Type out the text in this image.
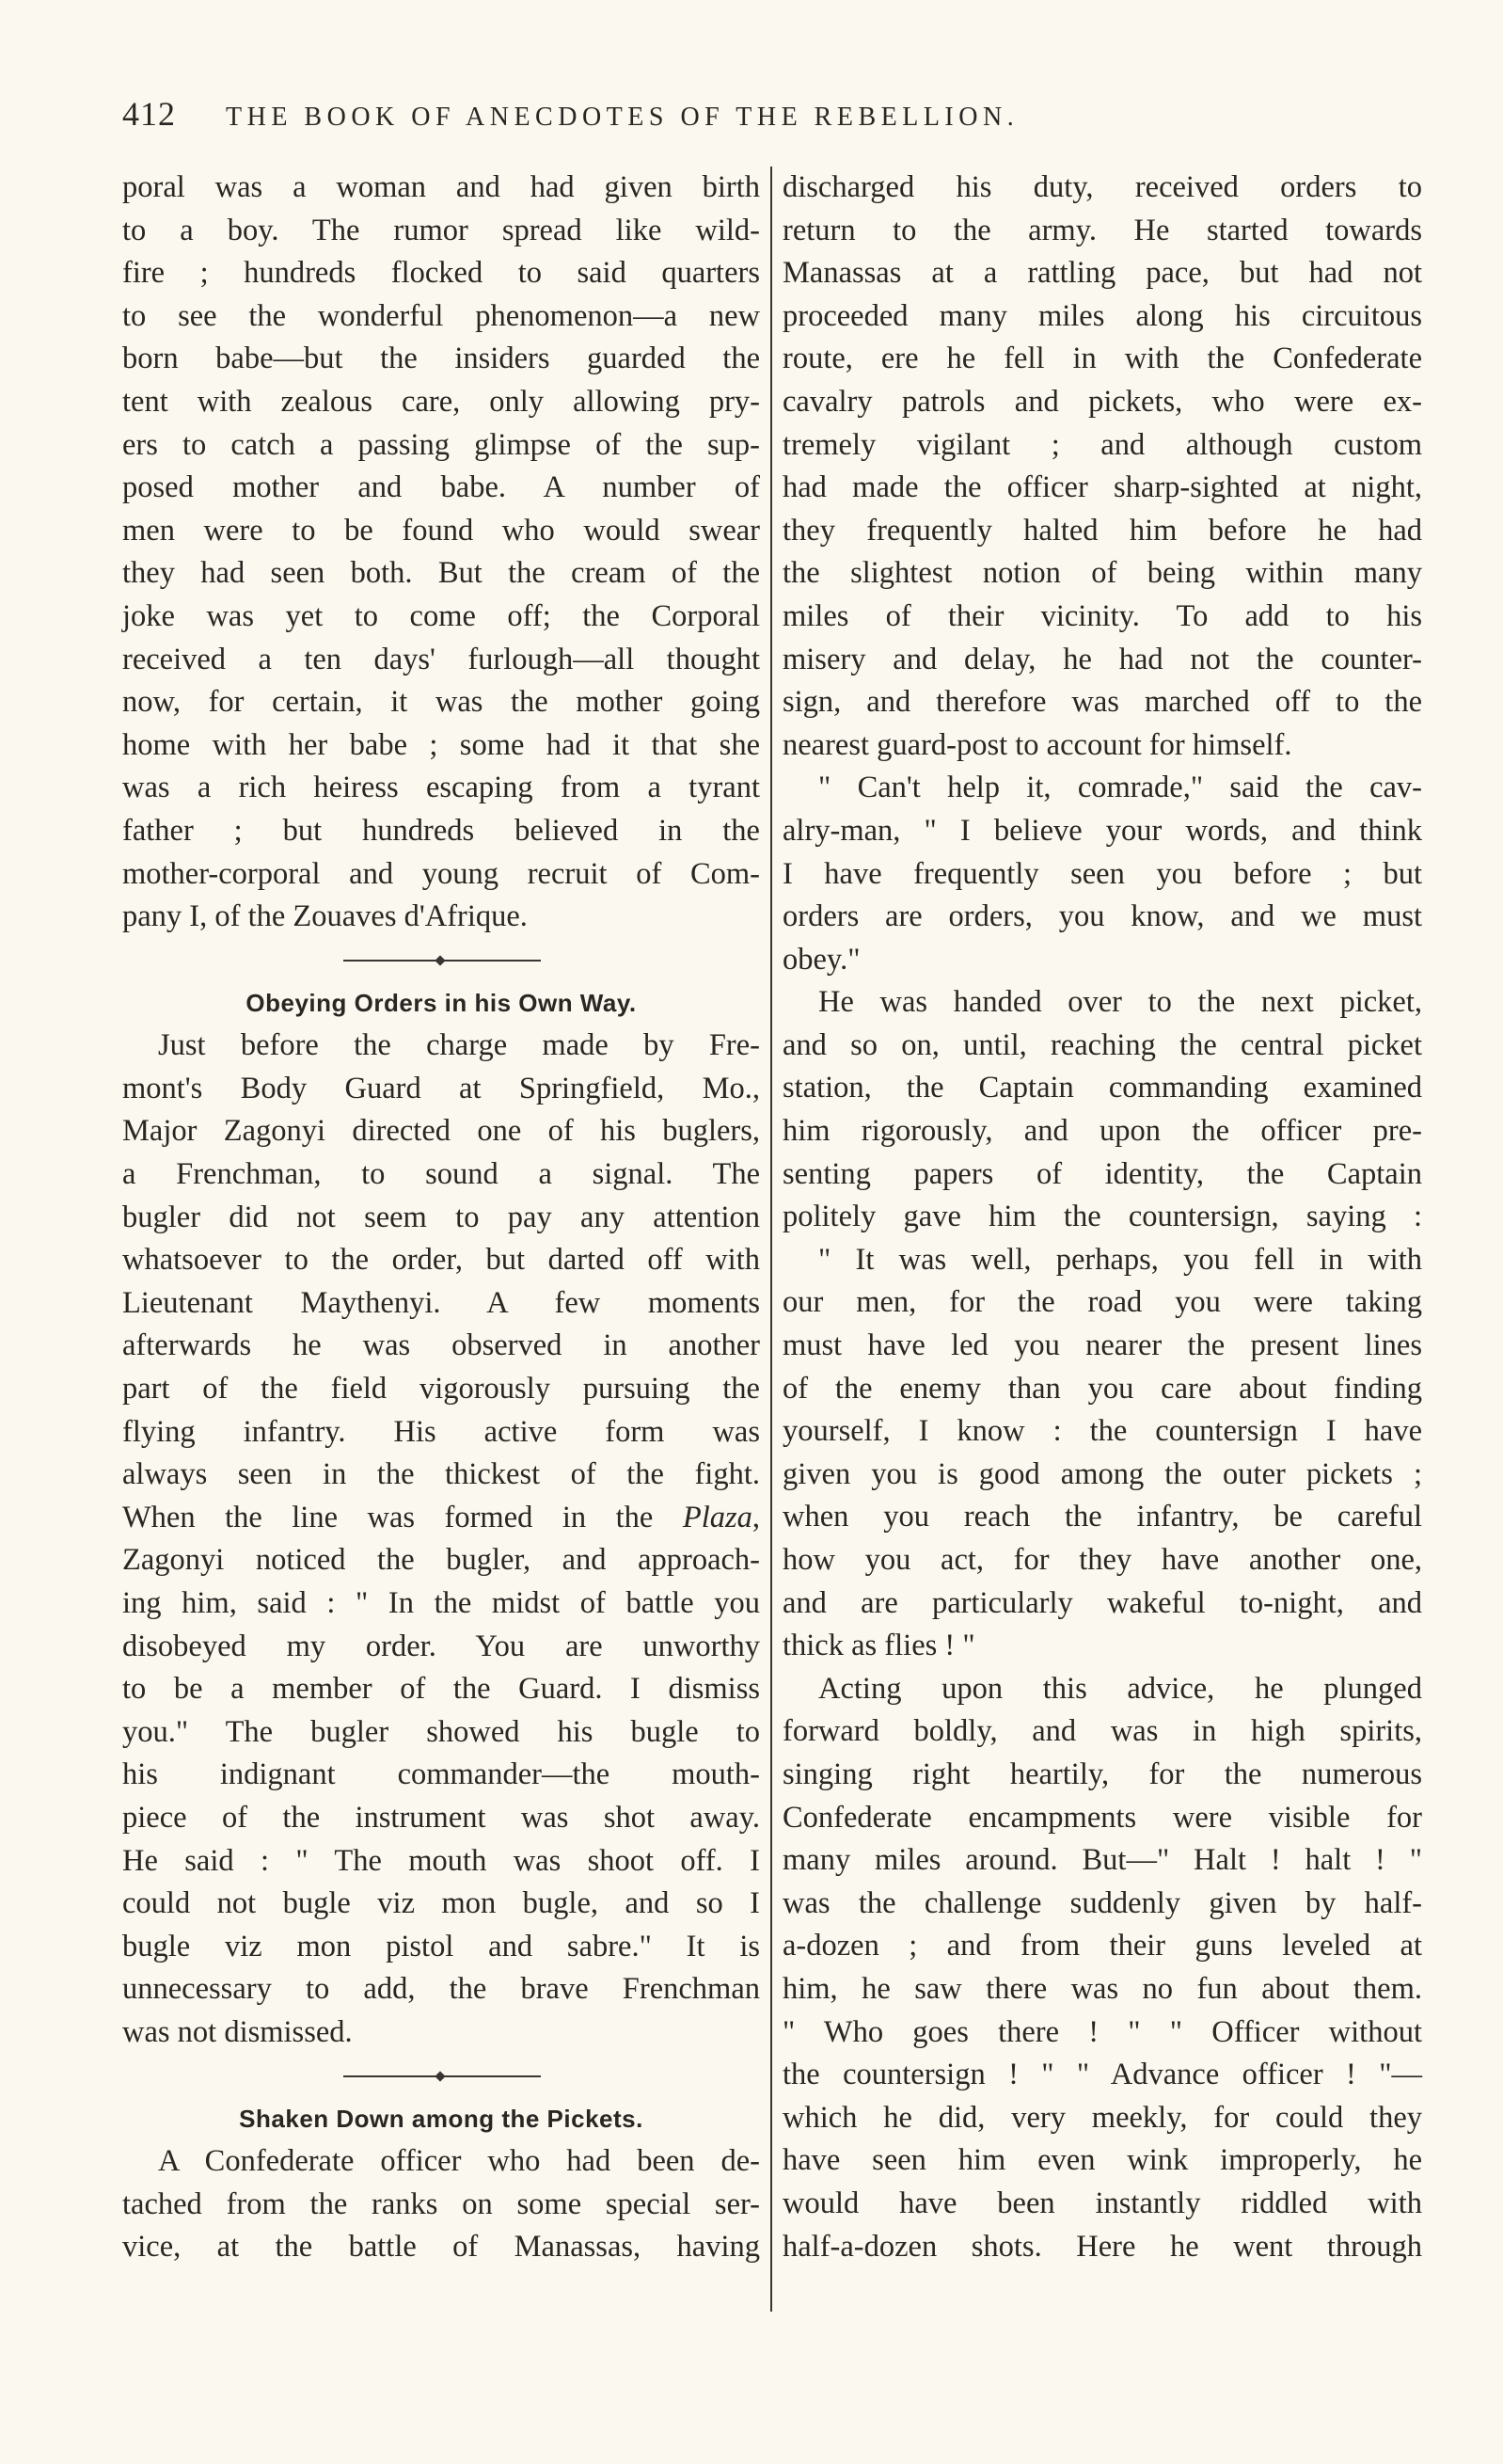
412	THE BOOK OF ANECDOTES OF THE REBELLION.
poral was a woman and had given birth
to a boy. The rumor spread like wild-
fire ; hundreds flocked to said quarters
to see the wonderful phenomenon—a new
born babe—but the insiders guarded the
tent with zealous care, only allowing pry-
ers to catch a passing glimpse of the sup-
posed mother and babe. A number of
men were to be found who would swear
they had seen both. But the cream of the
joke was yet to come off; the Corporal
received a ten days' furlough—all thought
now, for certain, it was the mother going
home with her babe ; some had it that she
was a rich heiress escaping from a tyrant
father ; but hundreds believed in the
mother-corporal and young recruit of Com-
pany I, of the Zouaves d'Afrique.
Obeying Orders in his Own Way.
Just before the charge made by Fre-
mont's Body Guard at Springfield, Mo.,
Major Zagonyi directed one of his buglers,
a Frenchman, to sound a signal. The
bugler did not seem to pay any attention
whatsoever to the order, but darted off with
Lieutenant Maythenyi. A few moments
afterwards he was observed in another
part of the field vigorously pursuing the
flying infantry. His active form was
always seen in the thickest of the fight.
When the line was formed in the Plaza,
Zagonyi noticed the bugler, and approach-
ing him, said : " In the midst of battle you
disobeyed my order. You are unworthy
to be a member of the Guard. I dismiss
you." The bugler showed his bugle to
his indignant commander—the mouth-
piece of the instrument was shot away.
He said : " The mouth was shoot off. I
could not bugle viz mon bugle, and so I
bugle viz mon pistol and sabre." It is
unnecessary to add, the brave Frenchman
was not dismissed.
Shaken Down among the Pickets.
A Confederate officer who had been de-
tached from the ranks on some special ser-
vice, at the battle of Manassas, having
discharged his duty, received orders to
return to the army. He started towards
Manassas at a rattling pace, but had not
proceeded many miles along his circuitous
route, ere he fell in with the Confederate
cavalry patrols and pickets, who were ex-
tremely vigilant ; and although custom
had made the officer sharp-sighted at night,
they frequently halted him before he had
the slightest notion of being within many
miles of their vicinity. To add to his
misery and delay, he had not the counter-
sign, and therefore was marched off to the
nearest guard-post to account for himself.
" Can't help it, comrade," said the cav-
alry-man, " I believe your words, and think
I have frequently seen you before ; but
orders are orders, you know, and we must
obey."
He was handed over to the next picket,
and so on, until, reaching the central picket
station, the Captain commanding examined
him rigorously, and upon the officer pre-
senting papers of identity, the Captain
politely gave him the countersign, saying :
" It was well, perhaps, you fell in with
our men, for the road you were taking
must have led you nearer the present lines
of the enemy than you care about finding
yourself, I know : the countersign I have
given you is good among the outer pickets ;
when you reach the infantry, be careful
how you act, for they have another one,
and are particularly wakeful to-night, and
thick as flies ! "
Acting upon this advice, he plunged
forward boldly, and was in high spirits,
singing right heartily, for the numerous
Confederate encampments were visible for
many miles around. But—" Halt ! halt ! "
was the challenge suddenly given by half-
a-dozen ; and from their guns leveled at
him, he saw there was no fun about them.
" Who goes there ! " " Officer without
the countersign ! " " Advance officer ! "—
which he did, very meekly, for could they
have seen him even wink improperly, he
would have been instantly riddled with
half-a-dozen shots. Here he went through
